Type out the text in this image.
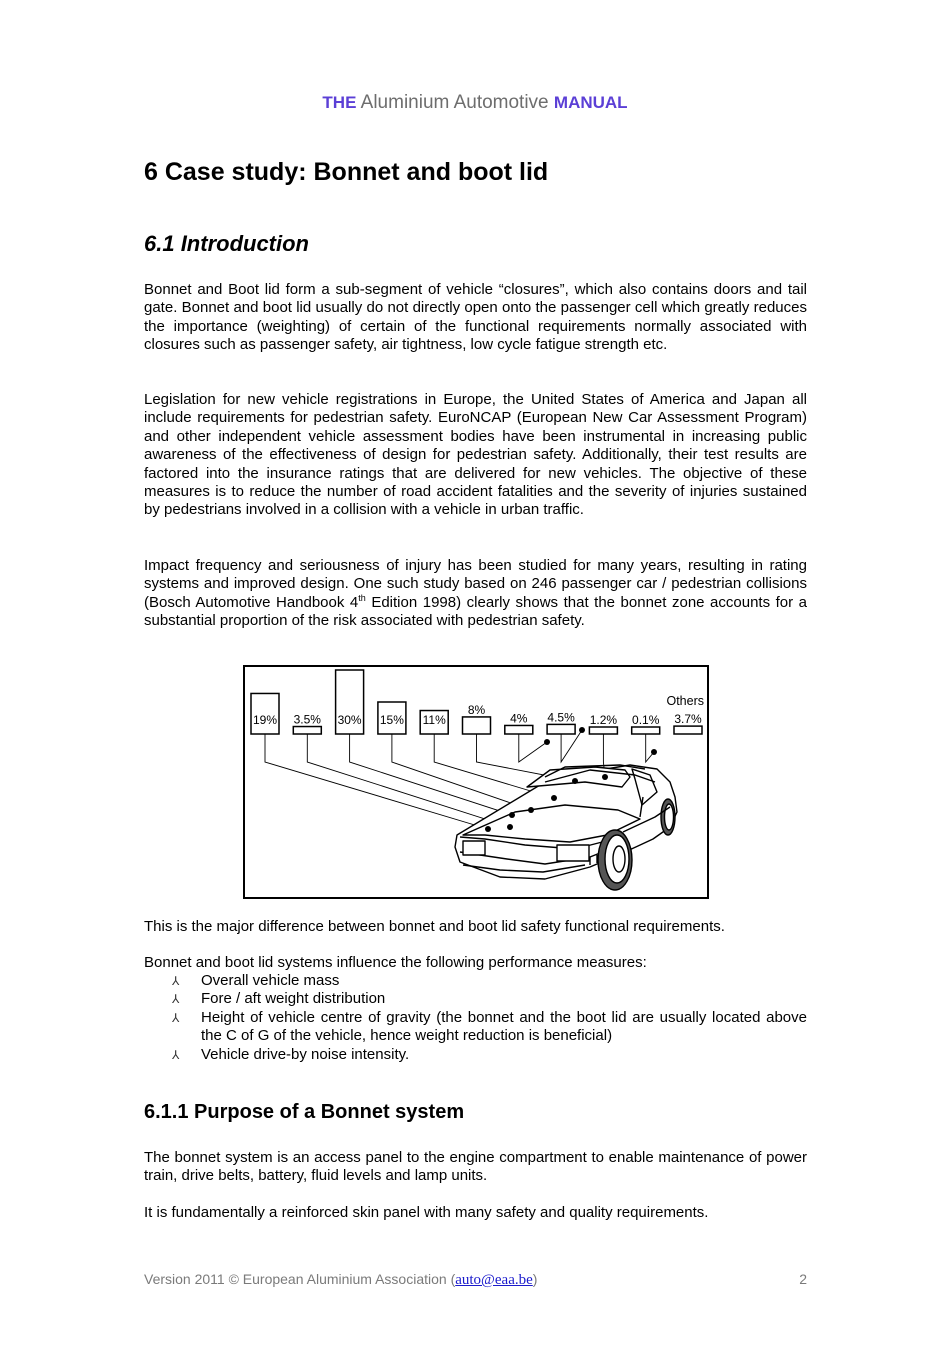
THE Aluminium Automotive MANUAL
6 Case study: Bonnet and boot lid
6.1 Introduction

Bonnet and Boot lid form a sub-segment of vehicle “closures”, which also contains doors and tail gate. Bonnet and boot lid usually do not directly open onto the passenger cell which greatly reduces the importance (weighting) of certain of the functional requirements normally associated with closures such as passenger safety, air tightness, low cycle fatigue strength etc.

Legislation for new vehicle registrations in Europe, the United States of America and Japan all include requirements for pedestrian safety. EuroNCAP (European New Car Assessment Program) and other independent vehicle assessment bodies have been instrumental in increasing public awareness of the effectiveness of design for pedestrian safety. Additionally, their test results are factored into the insurance ratings that are delivered for new vehicles. The objective of these measures is to reduce the number of road accident fatalities and the severity of injuries sustained by pedestrians involved in a collision with a vehicle in urban traffic.

Impact frequency and seriousness of injury has been studied for many years, resulting in rating systems and improved design. One such study based on 246 passenger car / pedestrian collisions (Bosch Automotive Handbook 4th Edition 1998) clearly shows that the bonnet zone accounts for a substantial proportion of the risk associated with pedestrian safety.

Others
19% 3.5% 30% 15% 11%
8%
4% 4.5% 1.2% 0.1% 3.7%

This is the major difference between bonnet and boot lid safety functional requirements.

Bonnet and boot lid systems influence the following performance measures:

⅄ Overall vehicle mass
⅄ Fore / aft weight distribution
⅄ Height of vehicle centre of gravity (the bonnet and the boot lid are usually located above the C of G of the vehicle, hence weight reduction is beneficial)
⅄ Vehicle drive-by noise intensity.
6.1.1 Purpose of a Bonnet system

The bonnet system is an access panel to the engine compartment to enable maintenance of power train, drive belts, battery, fluid levels and lamp units.

It is fundamentally a reinforced skin panel with many safety and quality requirements.

Version 2011 © European Aluminium Association (auto@eaa.be)	2
